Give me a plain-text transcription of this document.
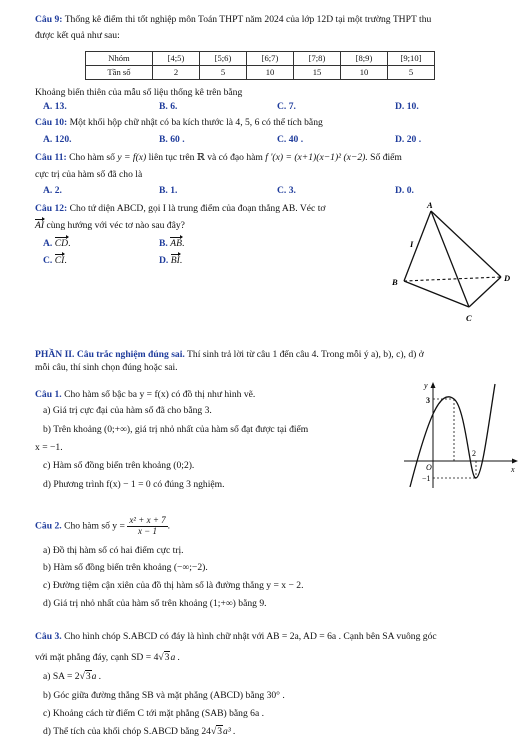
Câu 9: Thống kê điểm thi tốt nghiệp môn Toán THPT năm 2024 của lớp 12D tại một trường THPT thu
được kết quả như sau:
Nhóm	[4;5)	[5;6)	[6;7)	[7;8)	[8;9)	[9;10]
Tần số	2	5	10	15	10	5
Khoảng biến thiên của mẫu số liệu thống kê trên bằng
A. 13.	B. 6.	C. 7.	D. 10.
Câu 10: Một khối hộp chữ nhật có ba kích thước là 4, 5, 6 có thể tích bằng
A. 120.	B. 60 .	C. 40 .	D. 20 .
Câu 11: Cho hàm số y = f(x) liên tục trên ℝ và có đạo hàm f '(x) = (x+1)(x−1)² (x−2). Số điểm
cực trị của hàm số đã cho là
A. 2.	B. 1.	C. 3.	D. 0.
Câu 12: Cho tứ diện ABCD, gọi I là trung điểm của đoạn thẳng AB. Véc tơ
AI cùng hướng với véc tơ nào sau đây?
A. CD.	B. AB.
C. CI.	D. BI.
A
I
B	D
C
PHẦN II. Câu trắc nghiệm đúng sai. Thí sinh trả lời từ câu 1 đến câu 4. Trong mỗi ý a), b), c), d) ở
mỗi câu, thí sinh chọn đúng hoặc sai.
Câu 1. Cho hàm số bậc ba y = f(x) có đồ thị như hình vẽ.
a) Giá trị cực đại của hàm số đã cho bằng 3.
b) Trên khoảng (0;+∞), giá trị nhỏ nhất của hàm số đạt được tại điểm
x = −1.
c) Hàm số đồng biến trên khoảng (0;2).
d) Phương trình f(x) − 1 = 0 có đúng 3 nghiệm.
y
x
3
2
O
−1
Câu 2. Cho hàm số $y = \frac{\text{x² + x + 7}}{x - 1}$ .
a) Đồ thị hàm số có hai điểm cực trị.
b) Hàm số đồng biến trên khoảng (−∞;−2).
c) Đường tiệm cận xiên của đồ thị hàm số là đường thẳng y = x − 2.
d) Giá trị nhỏ nhất của hàm số trên khoảng (1;+∞) bằng 9.
Câu 3. Cho hình chóp S.ABCD có đáy là hình chữ nhật với AB = 2a, AD = 6a . Cạnh bên SA vuông góc
với mặt phẳng đáy, cạnh SD = 4√3a .
a) SA = 2√3a .
b) Góc giữa đường thẳng SB và mặt phẳng (ABCD) bằng 30° .
c) Khoảng cách từ điểm C tới mặt phẳng (SAB) bằng 6a .
d) Thể tích của khối chóp S.ABCD bằng 24√3a³ .
